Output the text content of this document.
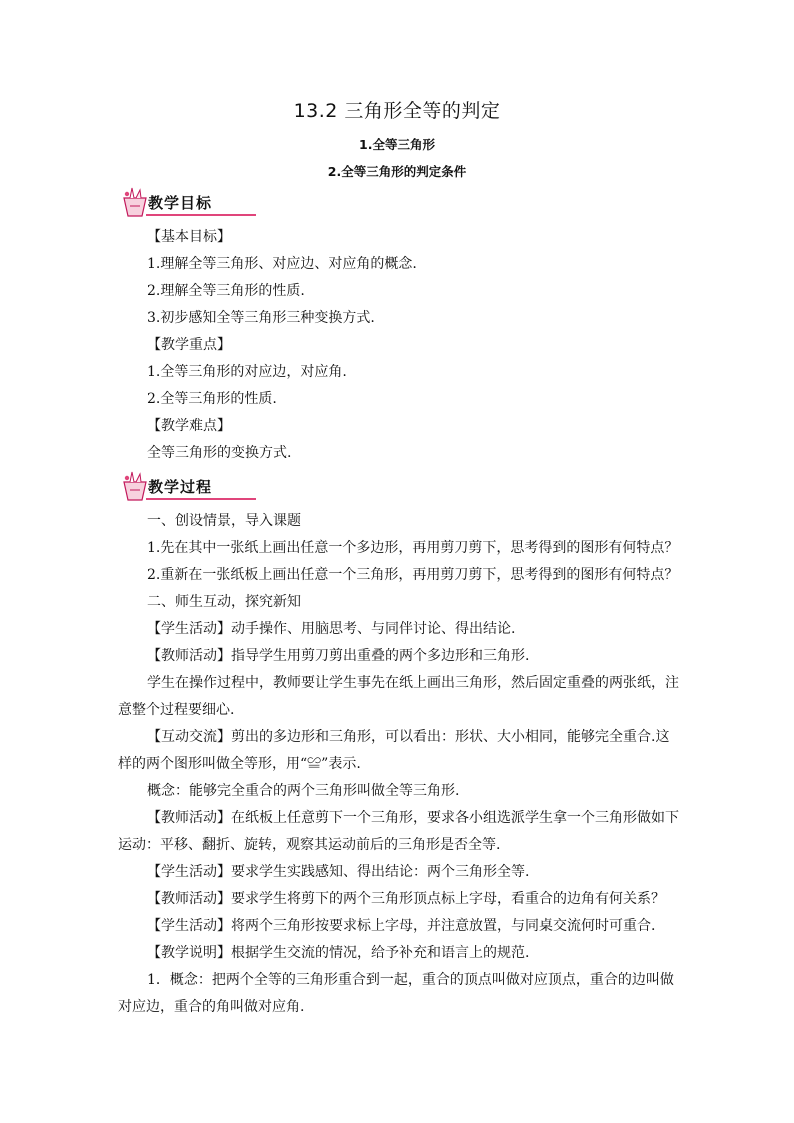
13.2 三角形全等的判定
1.全等三角形
2.全等三角形的判定条件
教学目标
【基本目标】
1.理解全等三角形、对应边、对应角的概念.
2.理解全等三角形的性质.
3.初步感知全等三角形三种变换方式.
【教学重点】
1.全等三角形的对应边，对应角.
2.全等三角形的性质.
【教学难点】
全等三角形的变换方式.
教学过程
一、创设情景，导入课题
1.先在其中一张纸上画出任意一个多边形，再用剪刀剪下，思考得到的图形有何特点？
2.重新在一张纸板上画出任意一个三角形，再用剪刀剪下，思考得到的图形有何特点？
二、师生互动，探究新知
【学生活动】动手操作、用脑思考、与同伴讨论、得出结论.
【教师活动】指导学生用剪刀剪出重叠的两个多边形和三角形.
学生在操作过程中，教师要让学生事先在纸上画出三角形，然后固定重叠的两张纸，注
意整个过程要细心.
【互动交流】剪出的多边形和三角形，可以看出：形状、大小相同，能够完全重合.这
样的两个图形叫做全等形，用“≌”表示.
概念：能够完全重合的两个三角形叫做全等三角形.
【教师活动】在纸板上任意剪下一个三角形，要求各小组选派学生拿一个三角形做如下
运动：平移、翻折、旋转，观察其运动前后的三角形是否全等.
【学生活动】要求学生实践感知、得出结论：两个三角形全等.
【教师活动】要求学生将剪下的两个三角形顶点标上字母，看重合的边角有何关系？
【学生活动】将两个三角形按要求标上字母，并注意放置，与同桌交流何时可重合.
【教学说明】根据学生交流的情况，给予补充和语言上的规范.
1．概念：把两个全等的三角形重合到一起，重合的顶点叫做对应顶点，重合的边叫做
对应边，重合的角叫做对应角.
